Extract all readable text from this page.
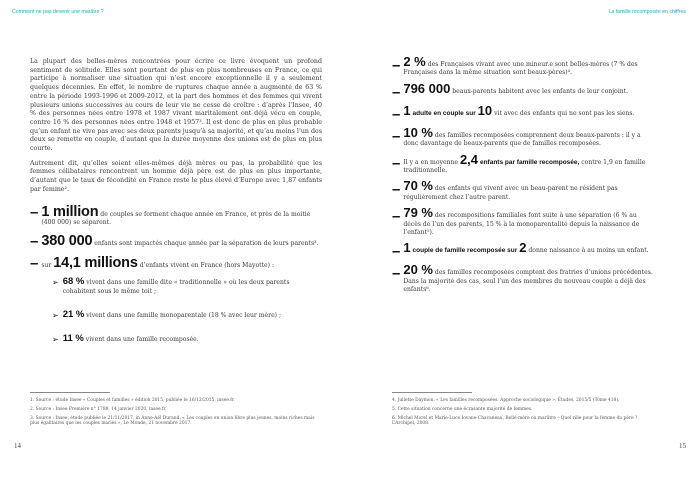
Comment ne pas devenir une marâtre ?	La famille recomposée en chiffres

La plupart des belles-mères rencontrées pour écrire ce livre évoquent un profond sentiment de solitude. Elles sont pourtant de plus en plus nombreuses en France, ce qui participe à normaliser une situation qui n’est encore exceptionnelle il y a seulement quelques décennies. En effet, le nombre de ruptures chaque année a augmenté de 63 % entre la période 1993-1996 et 2009-2012, et la part des hommes et des femmes qui vivent plusieurs unions successives au cours de leur vie ne cesse de croître : d’après l’Insee, 40 % des personnes nées entre 1978 et 1987 vivant maritalement ont déjà vécu en couple, contre 16 % des personnes nées entre 1948 et 1957³. Il est donc de plus en plus probable qu’un enfant ne vive pas avec ses deux parents jusqu’à sa majorité, et qu’au moins l’un des deux se remette en couple, d’autant que la durée moyenne des unions est de plus en plus courte.

Autrement dit, qu’elles soient elles-mêmes déjà mères ou pas, la probabilité que les femmes célibataires rencontrent un homme déjà père est de plus en plus importante, d’autant que le taux de fécondité en France reste le plus élevé d’Europe avec 1,87 enfants par femme².

– 1 million de couples se forment chaque année en France, et près de la moitié (400 000) se séparent.
– 380 000 enfants sont impactés chaque année par la séparation de leurs parents³.
– sur 14,1 millions d’enfants vivent en France (hors Mayotte) :
➢ 68 % vivent dans une famille dite « traditionnelle » où les deux parents cohabitent sous le même toit ;
➢ 21 % vivent dans une famille monoparentale (18 % avec leur mère) ;
➢ 11 % vivent dans une famille recomposée.
– 2 % des Françaises vivant avec une mineur.e sont belles-mères (7 % des Françaises dans la même situation sont beaux-pères)⁴.
– 796 000 beaux-parents habitent avec les enfants de leur conjoint.
– 1 adulte en couple sur 10 vit avec des enfants qui ne sont pas les siens.
– 10 % des familles recomposées comprennent deux beaux-parents : il y a donc davantage de beaux-parents que de familles recomposées.
– Il y a en moyenne 2,4 enfants par famille recomposée, contre 1,9 en famille traditionnelle.
– 70 % des enfants qui vivent avec un beau-parent ne résident pas régulièrement chez l’autre parent.
– 79 % des recompositions familiales font suite à une séparation (6 % au décès de l’un des parents, 15 % à la monoparentalité depuis la naissance de l’enfant⁵).
– 1 couple de famille recomposée sur 2 donne naissance à au moins un enfant.
– 20 % des familles recomposées comptent des fratries d’unions précédentes. Dans la majorité des cas, seul l’un des membres du nouveau couple a déjà des enfants⁶.

1. Source : étude Insee « Couples et familles » édition 2015, publiée le 16/12/2015, insee.fr.

2. Source : Insee Première n° 1789, 14 janvier 2020, insee.fr.

3. Source : Insee, étude publiée le 21/11/2017, in Anne-Aël Durand, « Les couples en union libre plus jeunes, moins riches mais plus égalitaires que les couples mariés », Le Monde, 21 novembre 2017.

4. Juliette Daymon, « Les familles recomposées. Approche sociologique », Études, 2015/5 (Tome 418).

5. Cette situation concerne une écrasante majorité de femmes.

6. Michel Morel et Marie-Luce Iovane-Chavaneau, Belle-mère ou marâtre – Quel rôle pour la femme du père ?, L’Archipel, 2008.

14	15
